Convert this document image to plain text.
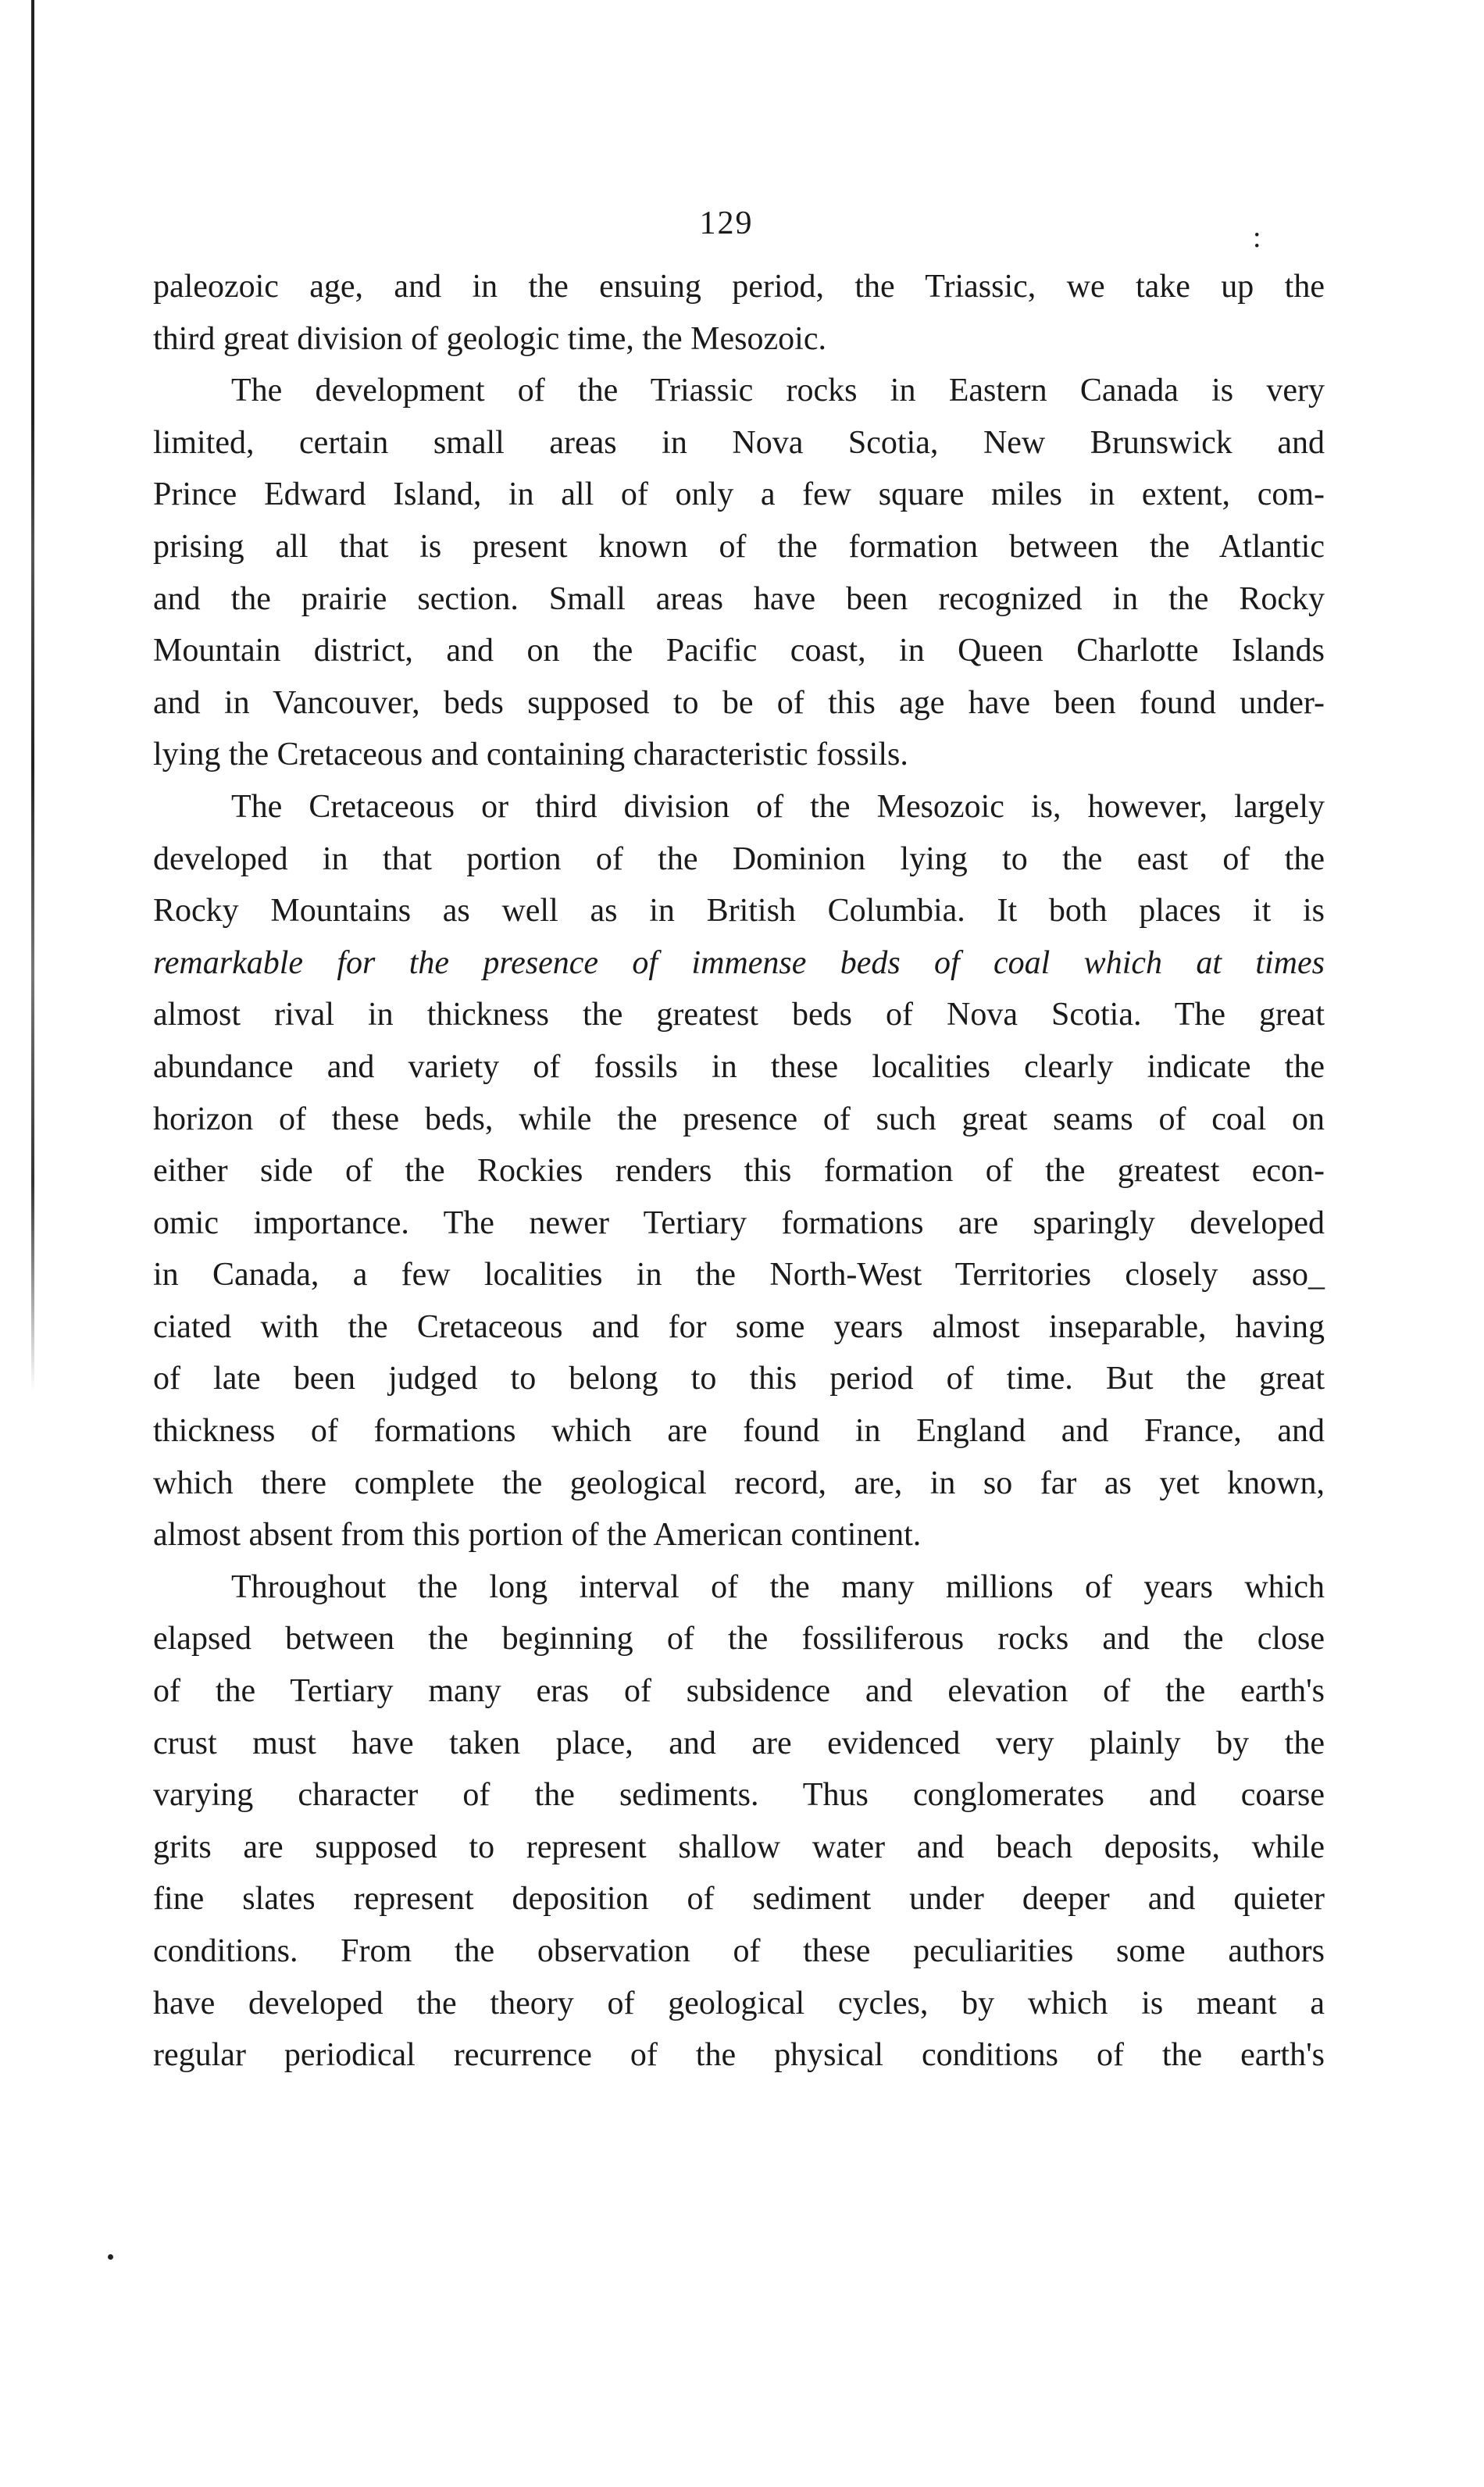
129	:
paleozoic age, and in the ensuing period, the Triassic, we take up the
third great division of geologic time, the Mesozoic.
The development of the Triassic rocks in Eastern Canada is very
limited, certain small areas in Nova Scotia, New Brunswick and
Prince Edward Island, in all of only a few square miles in extent, com-
prising all that is present known of the formation between the Atlantic
and the prairie section. Small areas have been recognized in the Rocky
Mountain district, and on the Pacific coast, in Queen Charlotte Islands
and in Vancouver, beds supposed to be of this age have been found under-
lying the Cretaceous and containing characteristic fossils.
The Cretaceous or third division of the Mesozoic is, however, largely
developed in that portion of the Dominion lying to the east of the
Rocky Mountains as well as in British Columbia. It both places it is
remarkable for the presence of immense beds of coal which at times
almost rival in thickness the greatest beds of Nova Scotia. The great
abundance and variety of fossils in these localities clearly indicate the
horizon of these beds, while the presence of such great seams of coal on
either side of the Rockies renders this formation of the greatest econ-
omic importance. The newer Tertiary formations are sparingly developed
in Canada, a few localities in the North-West Territories closely asso_
ciated with the Cretaceous and for some years almost inseparable, having
of late been judged to belong to this period of time. But the great
thickness of formations which are found in England and France, and
which there complete the geological record, are, in so far as yet known,
almost absent from this portion of the American continent.
Throughout the long interval of the many millions of years which
elapsed between the beginning of the fossiliferous rocks and the close
of the Tertiary many eras of subsidence and elevation of the earth's
crust must have taken place, and are evidenced very plainly by the
varying character of the sediments. Thus conglomerates and coarse
grits are supposed to represent shallow water and beach deposits, while
fine slates represent deposition of sediment under deeper and quieter
conditions. From the observation of these peculiarities some authors
have developed the theory of geological cycles, by which is meant a
regular periodical recurrence of the physical conditions of the earth's
